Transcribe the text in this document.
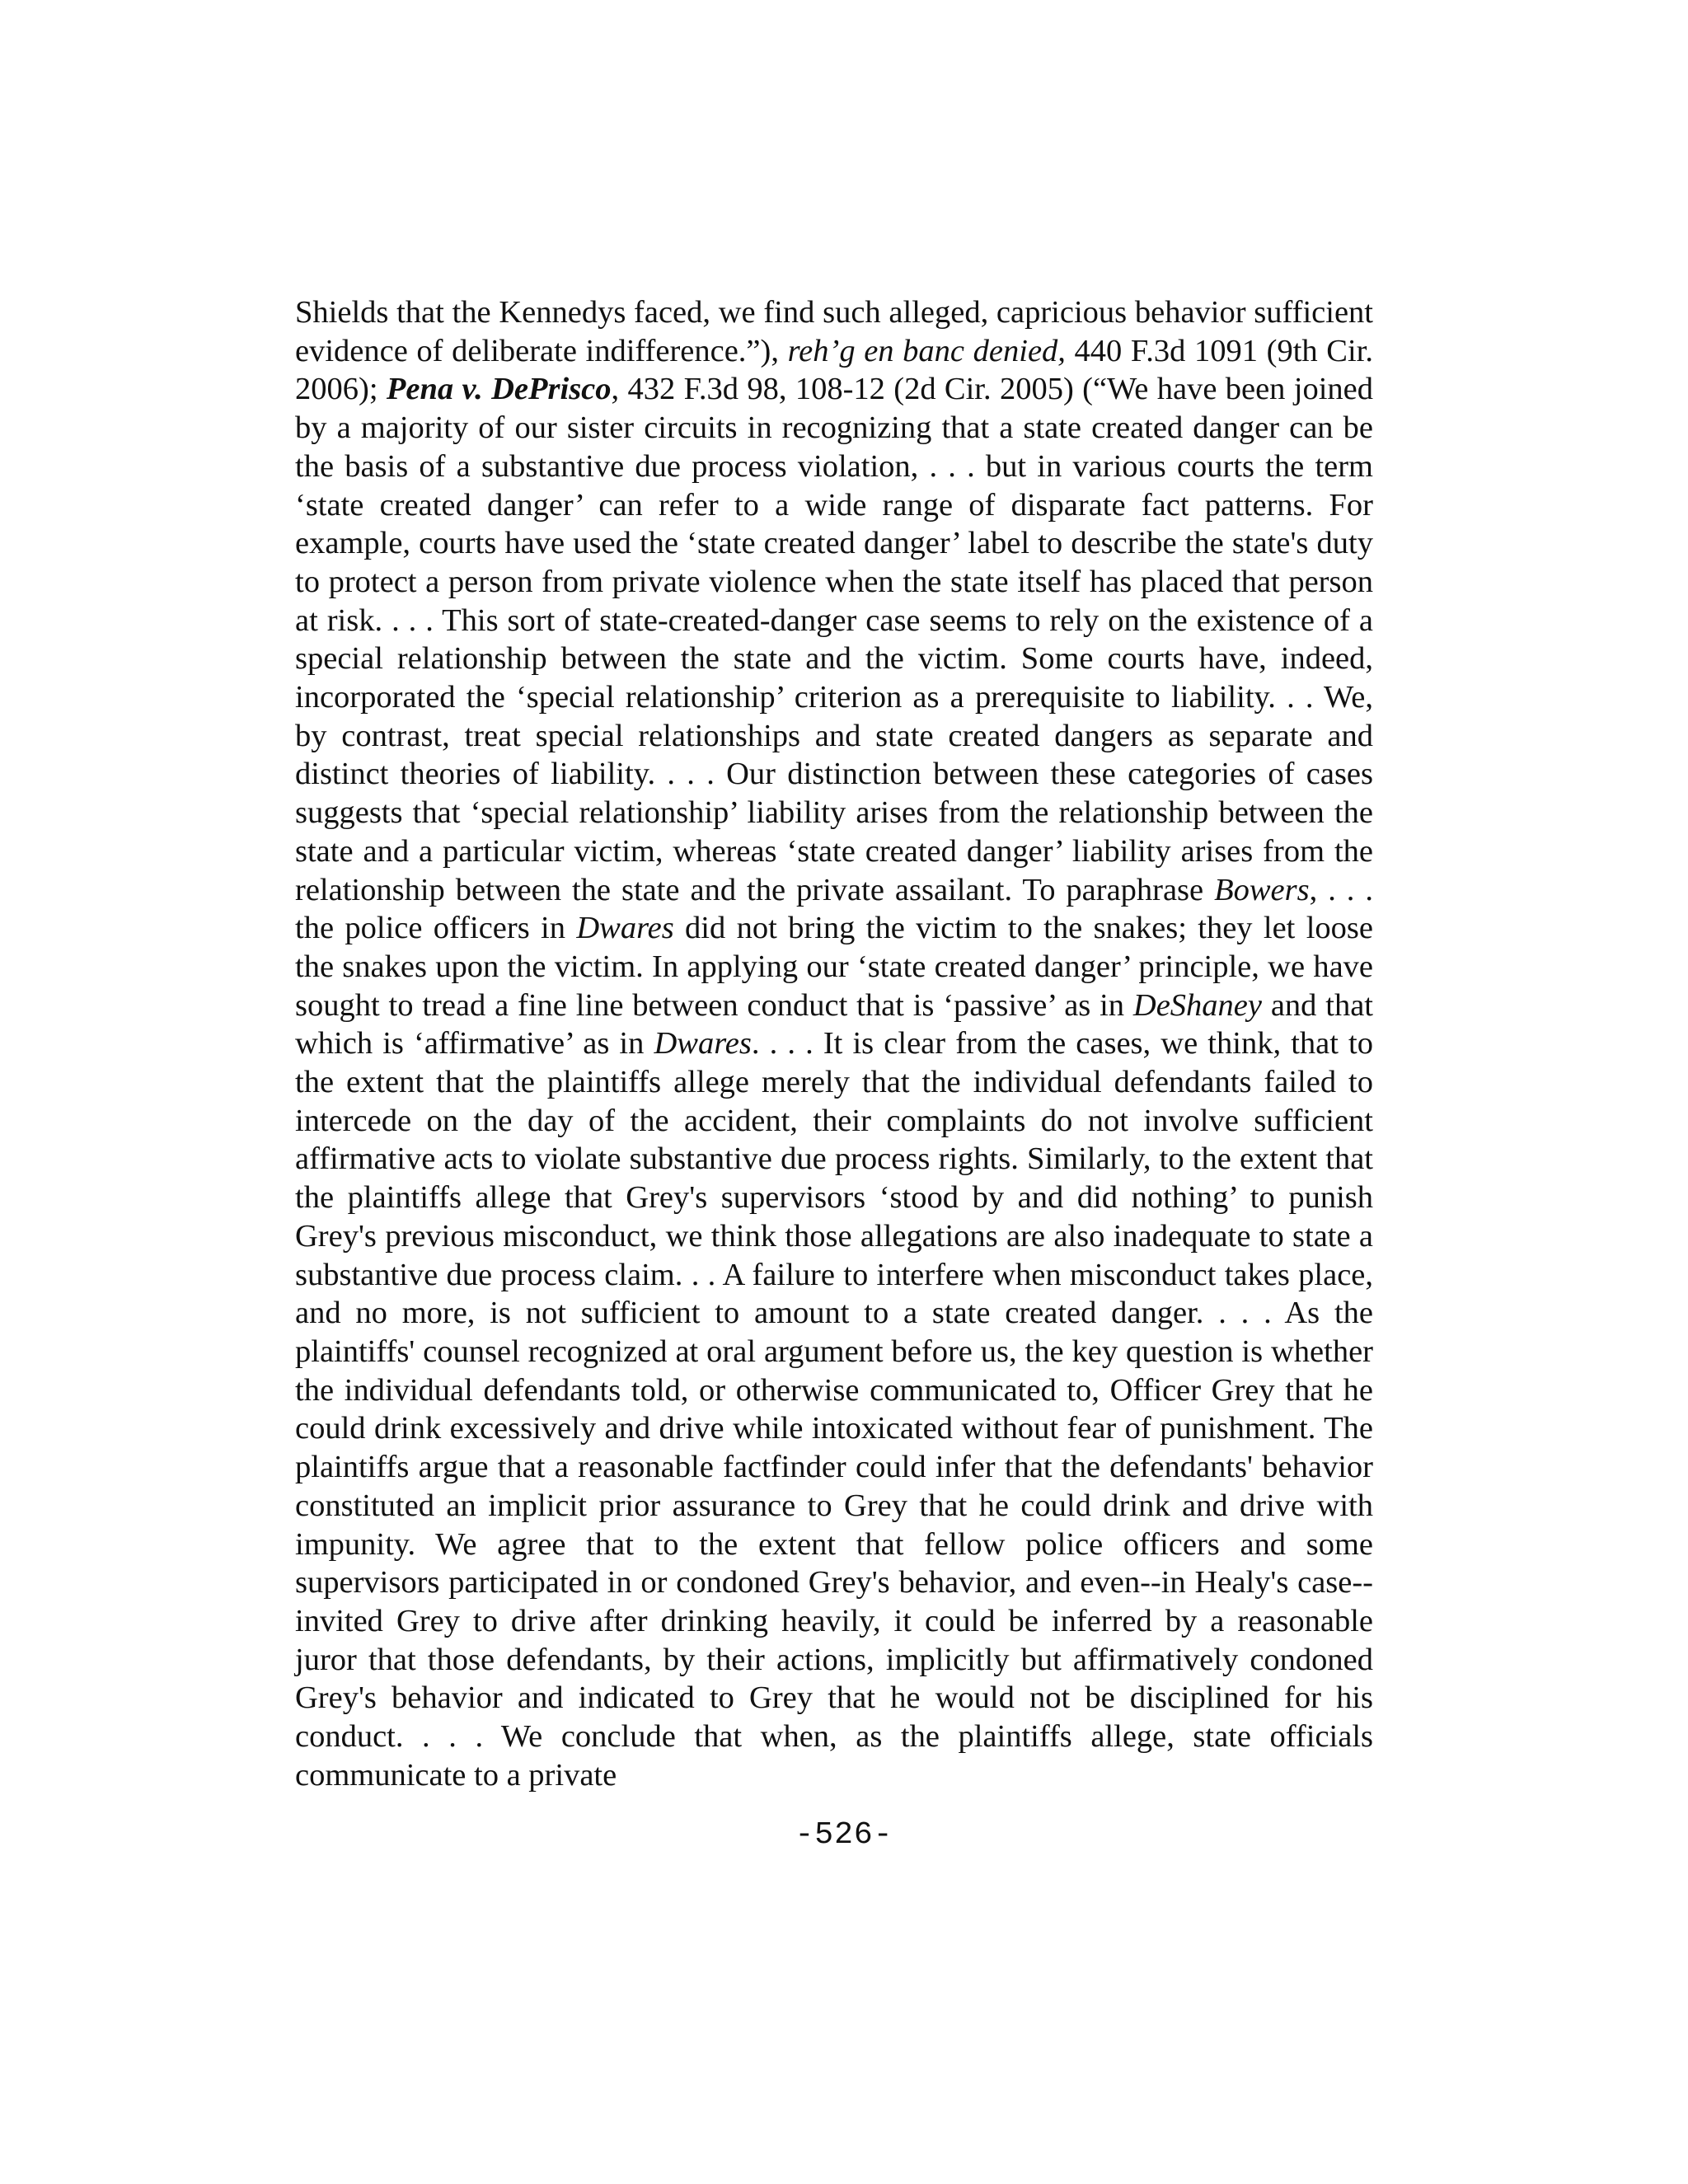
Shields that the Kennedys faced, we find such alleged, capricious behavior sufficient evidence of deliberate indifference.”), reh’g en banc denied, 440 F.3d 1091 (9th Cir. 2006); Pena v. DePrisco, 432 F.3d 98, 108-12 (2d Cir. 2005) (“We have been joined by a majority of our sister circuits in recognizing that a state created danger can be the basis of a substantive due process violation, . . . but in various courts the term ‘state created danger’ can refer to a wide range of disparate fact patterns. For example, courts have used the ‘state created danger’ label to describe the state's duty to protect a person from private violence when the state itself has placed that person at risk. . . . This sort of state-created-danger case seems to rely on the existence of a special relationship between the state and the victim. Some courts have, indeed, incorporated the ‘special relationship’ criterion as a prerequisite to liability. . . We, by contrast, treat special relationships and state created dangers as separate and distinct theories of liability. . . . Our distinction between these categories of cases suggests that ‘special relationship’ liability arises from the relationship between the state and a particular victim, whereas ‘state created danger’ liability arises from the relationship between the state and the private assailant. To paraphrase Bowers, . . . the police officers in Dwares did not bring the victim to the snakes; they let loose the snakes upon the victim. In applying our ‘state created danger’ principle, we have sought to tread a fine line between conduct that is ‘passive’ as in DeShaney and that which is ‘affirmative’ as in Dwares. . . . It is clear from the cases, we think, that to the extent that the plaintiffs allege merely that the individual defendants failed to intercede on the day of the accident, their complaints do not involve sufficient affirmative acts to violate substantive due process rights. Similarly, to the extent that the plaintiffs allege that Grey's supervisors ‘stood by and did nothing’ to punish Grey's previous misconduct, we think those allegations are also inadequate to state a substantive due process claim. . . A failure to interfere when misconduct takes place, and no more, is not sufficient to amount to a state created danger. . . . As the plaintiffs' counsel recognized at oral argument before us, the key question is whether the individual defendants told, or otherwise communicated to, Officer Grey that he could drink excessively and drive while intoxicated without fear of punishment. The plaintiffs argue that a reasonable factfinder could infer that the defendants' behavior constituted an implicit prior assurance to Grey that he could drink and drive with impunity. We agree that to the extent that fellow police officers and some supervisors participated in or condoned Grey's behavior, and even--in Healy's case--invited Grey to drive after drinking heavily, it could be inferred by a reasonable juror that those defendants, by their actions, implicitly but affirmatively condoned Grey's behavior and indicated to Grey that he would not be disciplined for his conduct. . . . We conclude that when, as the plaintiffs allege, state officials communicate to a private

-526-
